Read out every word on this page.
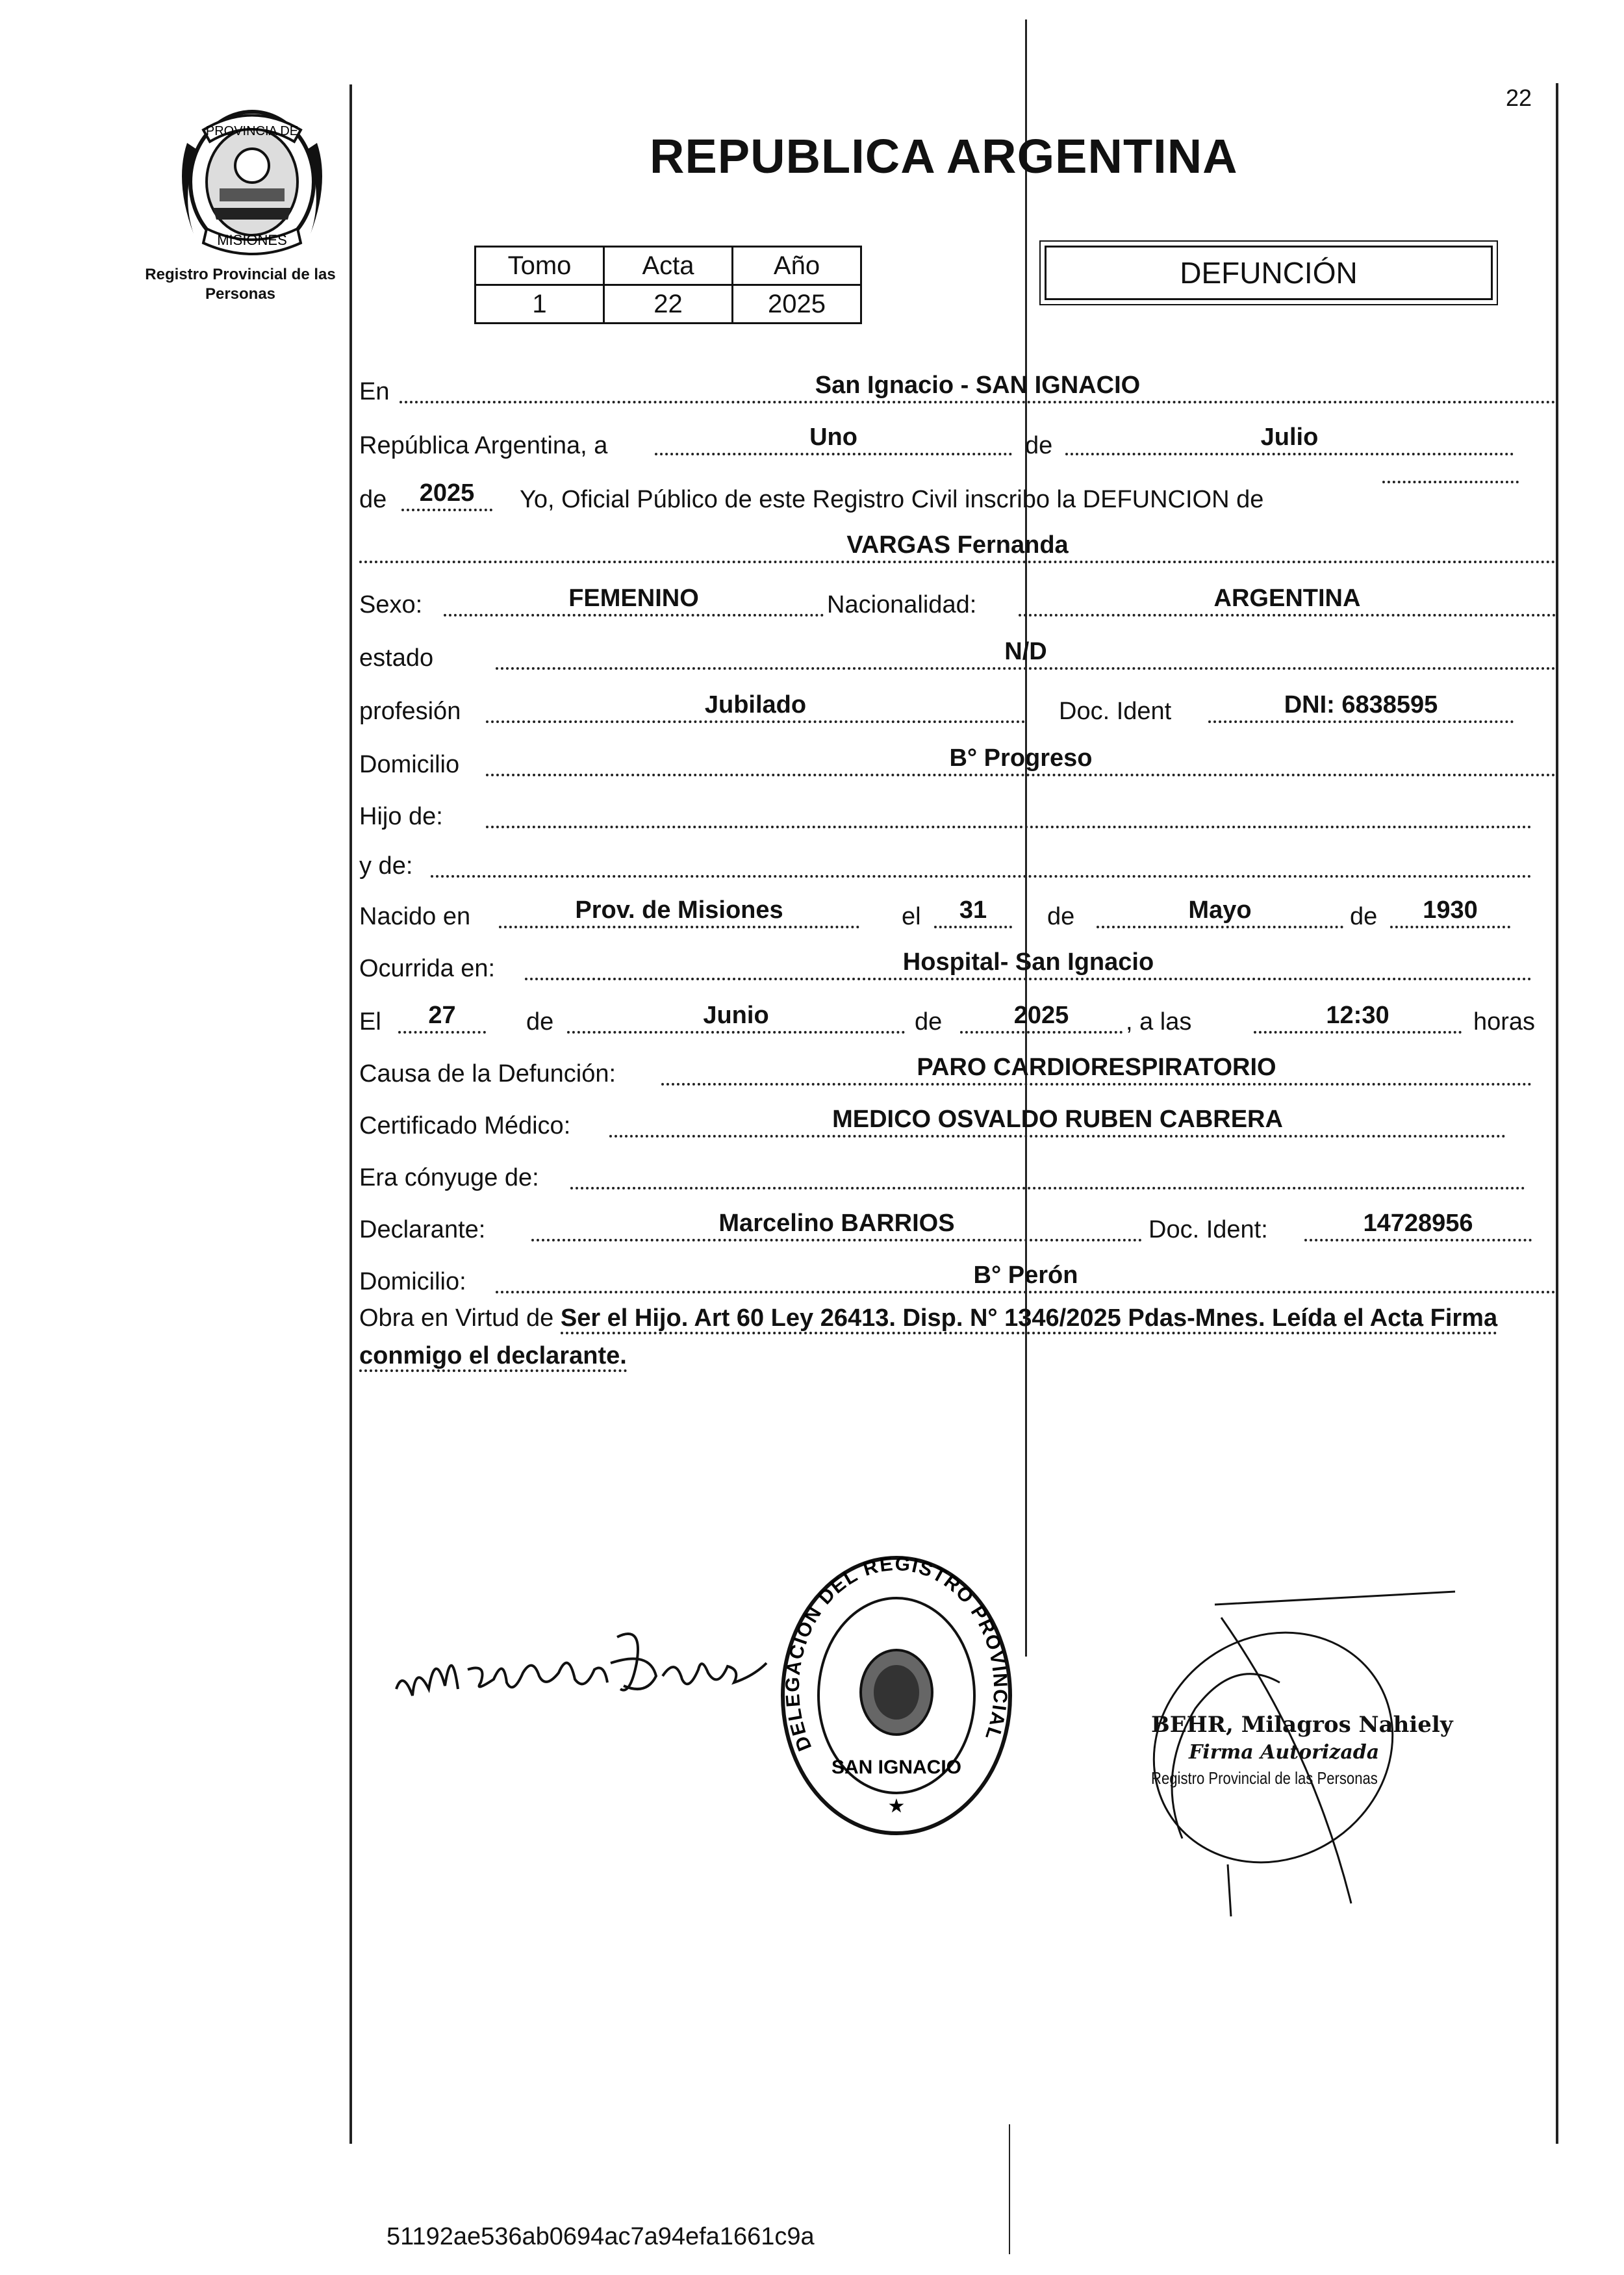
PROVINCIA DE
MISIONES
Registro Provincial de las Personas
REPUBLICA ARGENTINA
22
Tomo	Acta	Año
1	22	2025
DEFUNCIÓN
En	San Ignacio - SAN IGNACIO
República Argentina, a	Uno	de	Julio
de	2025	Yo, Oficial Público de este Registro Civil inscribo la DEFUNCION de
VARGAS Fernanda
Sexo:	FEMENINO	Nacionalidad:	ARGENTINA
estado	N/D
profesión	Jubilado	Doc. Ident	DNI: 6838595
Domicilio	B° Progreso
Hijo de:

y de:

Nacido en	Prov. de Misiones	el	31	de	Mayo	de	1930
Ocurrida en:	Hospital- San Ignacio
El	27	de	Junio	de	2025	, a las	12:30	horas
Causa de la Defunción:	PARO CARDIORESPIRATORIO
Certificado Médico:	MEDICO OSVALDO RUBEN CABRERA
Era cónyuge de:

Declarante:	Marcelino BARRIOS	Doc. Ident:	14728956
Domicilio:	B° Perón
Obra en Virtud de Ser el Hijo. Art 60 Ley 26413. Disp. N° 1346/2025 Pdas-Mnes. Leída el Acta Firma conmigo el declarante.
Marcelino Barrios
DELEGACION DEL REGISTRO PROVINCIAL DE LAS PERSONAS
SAN IGNACIO
★
BEHR, Milagros Nahiely
Firma Autorizada
Registro Provincial de las Personas
51192ae536ab0694ac7a94efa1661c9a
